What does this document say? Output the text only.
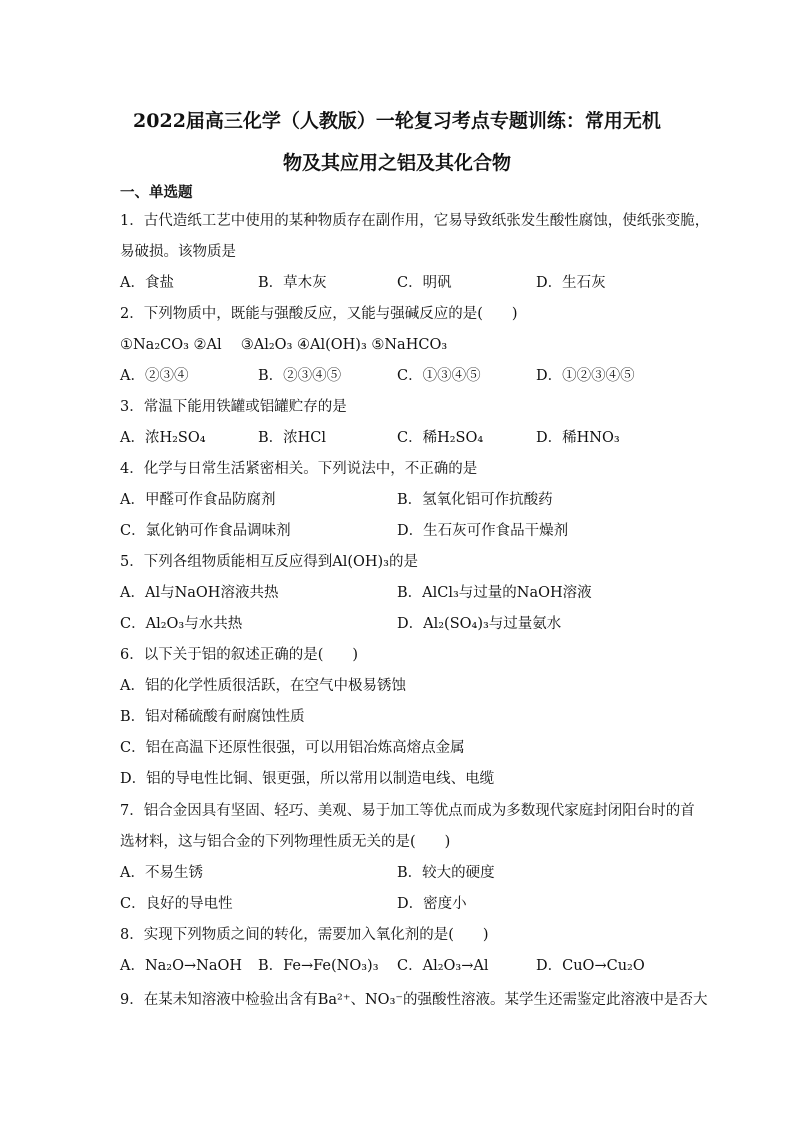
2022届高三化学（人教版）一轮复习考点专题训练：常用无机
物及其应用之铝及其化合物
一、单选题
1．古代造纸工艺中使用的某种物质存在副作用，它易导致纸张发生酸性腐蚀，使纸张变脆，
易破损。该物质是
A．食盐	B．草木灰	C．明矾	D．生石灰
2．下列物质中，既能与强酸反应，又能与强碱反应的是(　　)
①Na₂CO₃ ②Al　 ③Al₂O₃ ④Al(OH)₃ ⑤NaHCO₃
A．②③④	B．②③④⑤	C．①③④⑤	D．①②③④⑤
3．常温下能用铁罐或铝罐贮存的是
A．浓H₂SO₄	B．浓HCl	C．稀H₂SO₄	D．稀HNO₃
4．化学与日常生活紧密相关。下列说法中，不正确的是
A．甲醛可作食品防腐剂	B．氢氧化铝可作抗酸药
C．氯化钠可作食品调味剂	D．生石灰可作食品干燥剂
5．下列各组物质能相互反应得到Al(OH)₃的是
A．Al与NaOH溶液共热	B．AlCl₃与过量的NaOH溶液
C．Al₂O₃与水共热	D．Al₂(SO₄)₃与过量氨水
6．以下关于铝的叙述正确的是(　　)
A．铝的化学性质很活跃，在空气中极易锈蚀
B．铝对稀硫酸有耐腐蚀性质
C．铝在高温下还原性很强，可以用铝冶炼高熔点金属
D．铝的导电性比铜、银更强，所以常用以制造电线、电缆
7．铝合金因具有坚固、轻巧、美观、易于加工等优点而成为多数现代家庭封闭阳台时的首
选材料，这与铝合金的下列物理性质无关的是(　　)
A．不易生锈	B．较大的硬度
C．良好的导电性	D．密度小
8．实现下列物质之间的转化，需要加入氧化剂的是(　　)
A．Na₂O→NaOH B．Fe→Fe(NO₃)₃ C．Al₂O₃→Al	D．CuO→Cu₂O
9．在某未知溶液中检验出含有Ba²⁺、NO₃⁻的强酸性溶液。某学生还需鉴定此溶液中是否大
